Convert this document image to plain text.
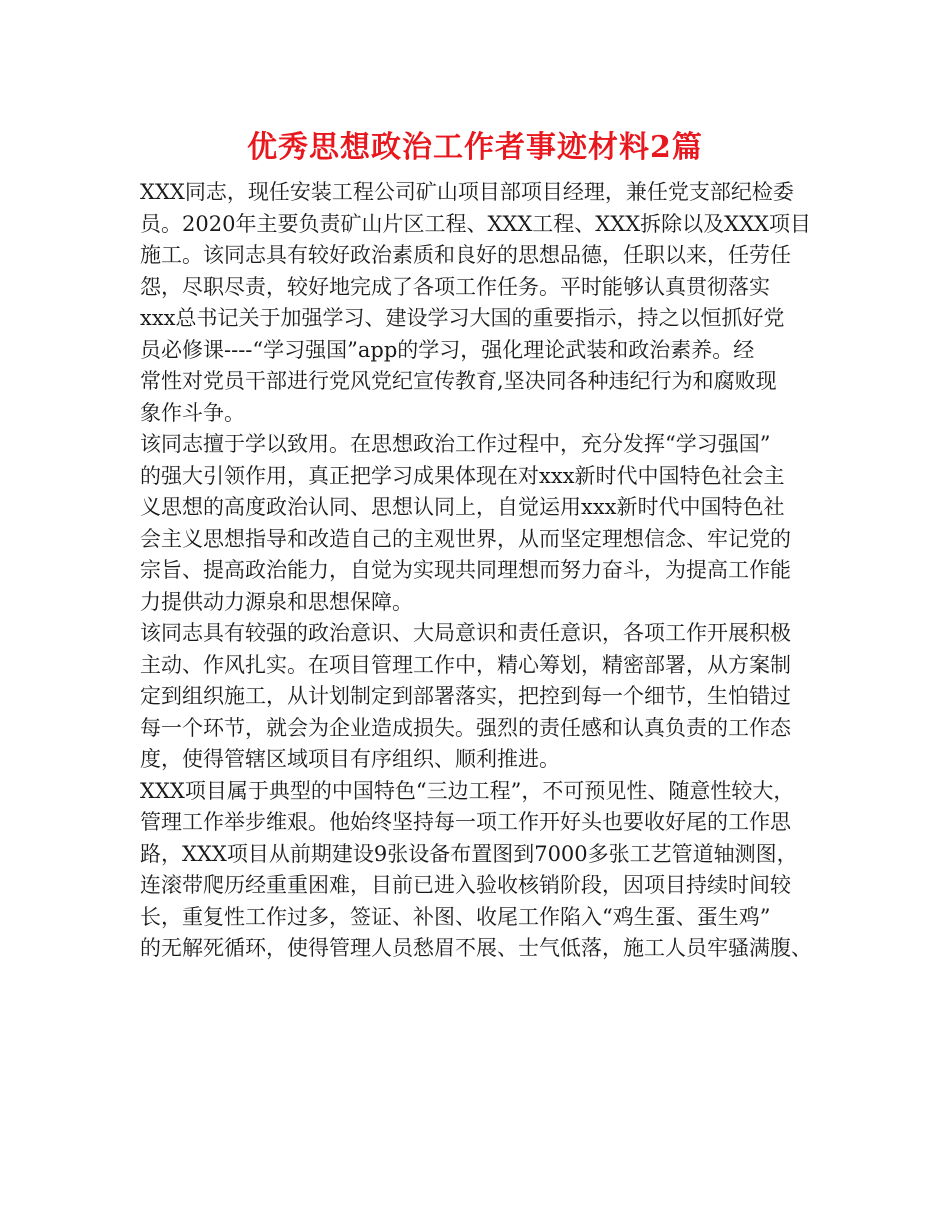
优秀思想政治工作者事迹材料2篇
XXX同志，现任安装工程公司矿山项目部项目经理，兼任党支部纪检委
员。2020年主要负责矿山片区工程、XXX工程、XXX拆除以及XXX项目
施工。该同志具有较好政治素质和良好的思想品德，任职以来，任劳任
怨，尽职尽责，较好地完成了各项工作任务。平时能够认真贯彻落实
xxx总书记关于加强学习、建设学习大国的重要指示，持之以恒抓好党
员必修课----“学习强国”app的学习，强化理论武装和政治素养。经
常性对党员干部进行党风党纪宣传教育,坚决同各种违纪行为和腐败现
象作斗争。
该同志擅于学以致用。在思想政治工作过程中，充分发挥“学习强国”
的强大引领作用，真正把学习成果体现在对xxx新时代中国特色社会主
义思想的高度政治认同、思想认同上，自觉运用xxx新时代中国特色社
会主义思想指导和改造自己的主观世界，从而坚定理想信念、牢记党的
宗旨、提高政治能力，自觉为实现共同理想而努力奋斗，为提高工作能
力提供动力源泉和思想保障。
该同志具有较强的政治意识、大局意识和责任意识，各项工作开展积极
主动、作风扎实。在项目管理工作中，精心筹划，精密部署，从方案制
定到组织施工，从计划制定到部署落实，把控到每一个细节，生怕错过
每一个环节，就会为企业造成损失。强烈的责任感和认真负责的工作态
度，使得管辖区域项目有序组织、顺利推进。
XXX项目属于典型的中国特色“三边工程”，不可预见性、随意性较大，
管理工作举步维艰。他始终坚持每一项工作开好头也要收好尾的工作思
路，XXX项目从前期建设9张设备布置图到7000多张工艺管道轴测图，
连滚带爬历经重重困难，目前已进入验收核销阶段，因项目持续时间较
长，重复性工作过多，签证、补图、收尾工作陷入“鸡生蛋、蛋生鸡”
的无解死循环，使得管理人员愁眉不展、士气低落，施工人员牢骚满腹、
